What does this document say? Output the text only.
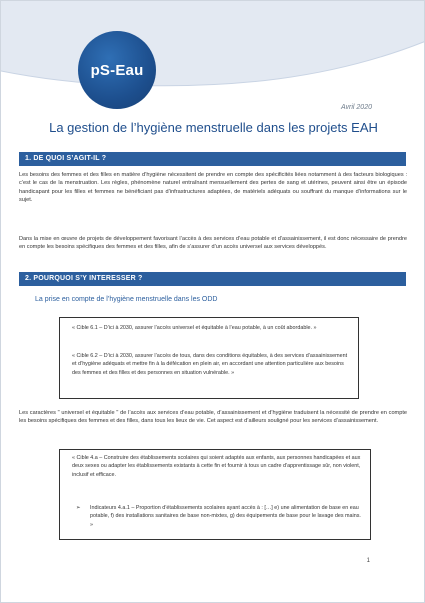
pS-Eau
Avril 2020
La gestion de l’hygiène menstruelle dans les projets EAH
1. DE QUOI S’AGIT-IL ?
Les besoins des femmes et des filles en matière d’hygiène nécessitent de prendre en compte des spécificités liées notamment à des facteurs biologiques : c’est le cas de la menstruation. Les règles, phénomène naturel entraînant mensuellement des pertes de sang et utérines, peuvent ainsi être un épisode handicapant pour les filles et femmes ne bénéficiant pas d’infrastructures adaptées, de matériels adéquats ou souffrant du manque d’informations sur le sujet.
Dans la mise en œuvre de projets de développement favorisant l’accès à des services d’eau potable et d’assainissement, il est donc nécessaire de prendre en compte les besoins spécifiques des femmes et des filles, afin de s’assurer d’un accès universel aux services développés.
2. POURQUOI S’Y INTERESSER ?
La prise en compte de l’hygiène menstruelle dans les ODD
« Cible 6.1 – D’ici à 2030, assurer l’accès universel et équitable à l’eau potable, à un coût abordable. »
« Cible 6.2 – D’ici à 2030, assurer l’accès de tous, dans des conditions équitables, à des services d’assainissement et d’hygiène adéquats et mettre fin à la défécation en plein air, en accordant une attention particulière aux besoins des femmes et des filles et des personnes en situation vulnérable. »
Les caractères " universel et équitable " de l’accès aux services d’eau potable, d’assainissement et d’hygiène traduisent la nécessité de prendre en compte les besoins spécifiques des femmes et des filles, dans tous les lieux de vie. Cet aspect est d’ailleurs souligné pour les services d’assainissement.
« Cible 4.a – Construire des établissements scolaires qui soient adaptés aux enfants, aux personnes handicapées et aux deux sexes ou adapter les établissements existants à cette fin et fournir à tous un cadre d’apprentissage sûr, non violent, inclusif et efficace.
➢ Indicateurs 4.a.1 – Proportion d’établissements scolaires ayant accès à : […] e) une alimentation de base en eau potable, f) des installations sanitaires de base non-mixtes, g) des équipements de base pour le lavage des mains. »
1
